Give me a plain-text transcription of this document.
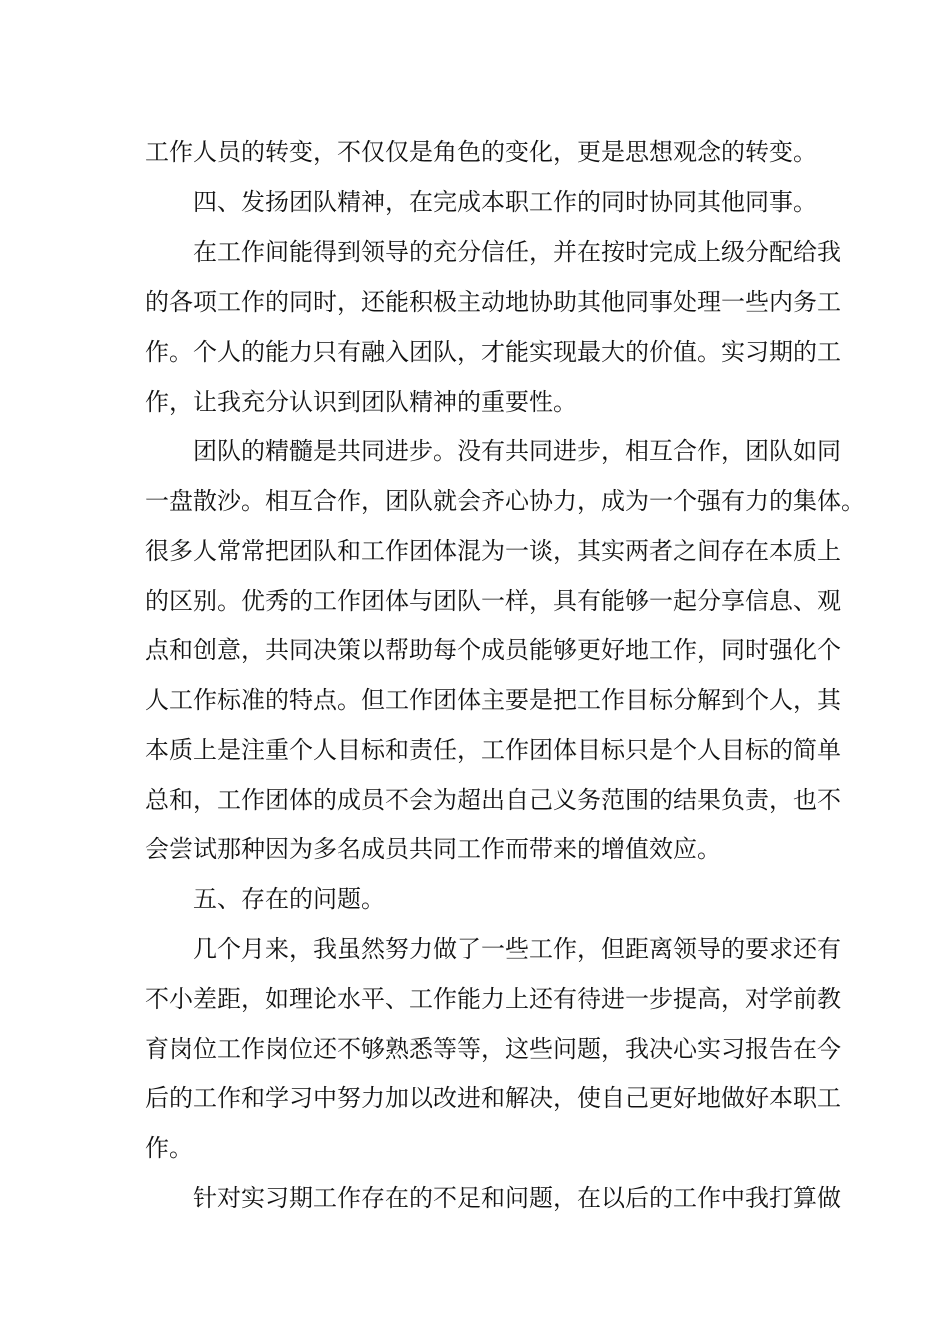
工作人员的转变，不仅仅是角色的变化，更是思想观念的转变。
四、发扬团队精神，在完成本职工作的同时协同其他同事。
在工作间能得到领导的充分信任，并在按时完成上级分配给我
的各项工作的同时，还能积极主动地协助其他同事处理一些内务工
作。个人的能力只有融入团队，才能实现最大的价值。实习期的工
作，让我充分认识到团队精神的重要性。
团队的精髓是共同进步。没有共同进步，相互合作，团队如同
一盘散沙。相互合作，团队就会齐心协力，成为一个强有力的集体。
很多人常常把团队和工作团体混为一谈，其实两者之间存在本质上
的区别。优秀的工作团体与团队一样，具有能够一起分享信息、观
点和创意，共同决策以帮助每个成员能够更好地工作，同时强化个
人工作标准的特点。但工作团体主要是把工作目标分解到个人，其
本质上是注重个人目标和责任，工作团体目标只是个人目标的简单
总和，工作团体的成员不会为超出自己义务范围的结果负责，也不
会尝试那种因为多名成员共同工作而带来的增值效应。
五、存在的问题。
几个月来，我虽然努力做了一些工作，但距离领导的要求还有
不小差距，如理论水平、工作能力上还有待进一步提高，对学前教
育岗位工作岗位还不够熟悉等等，这些问题，我决心实习报告在今
后的工作和学习中努力加以改进和解决，使自己更好地做好本职工
作。
针对实习期工作存在的不足和问题，在以后的工作中我打算做
